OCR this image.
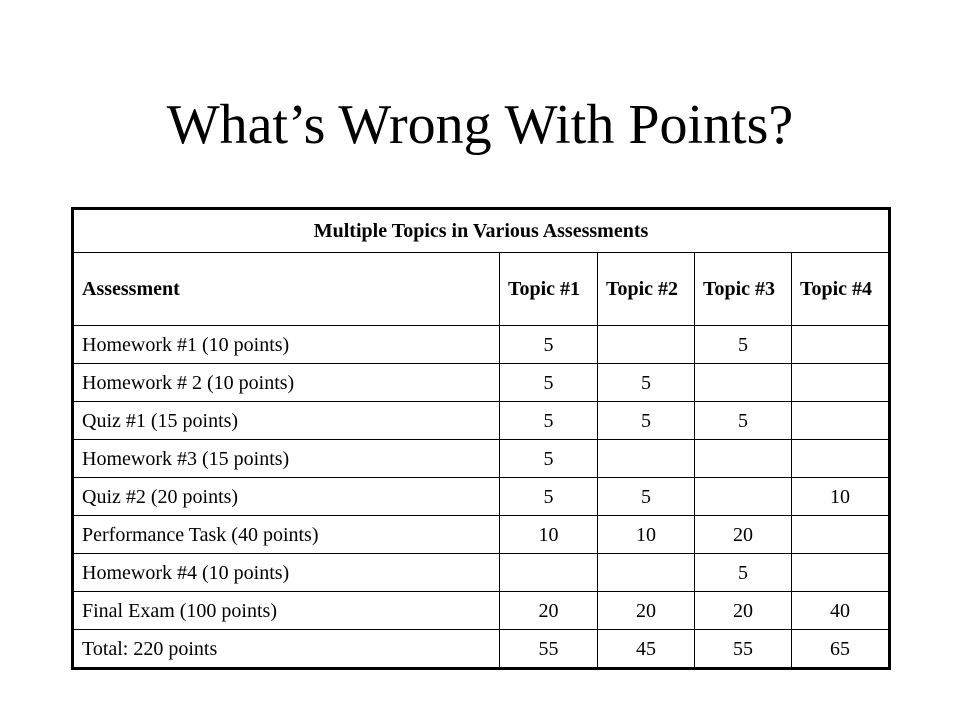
What’s Wrong With Points?
Multiple Topics in Various Assessments				
Assessment	Topic #1	Topic #2	Topic #3	Topic #4
Homework #1 (10 points)	5		5	
Homework # 2 (10 points)	5	5		
Quiz #1 (15 points)	5	5	5	
Homework #3 (15 points)	5			
Quiz #2 (20 points)	5	5		10
Performance Task (40 points)	10	10	20	
Homework #4 (10 points)			5	
Final Exam (100 points)	20	20	20	40
Total: 220 points	55	45	55	65
